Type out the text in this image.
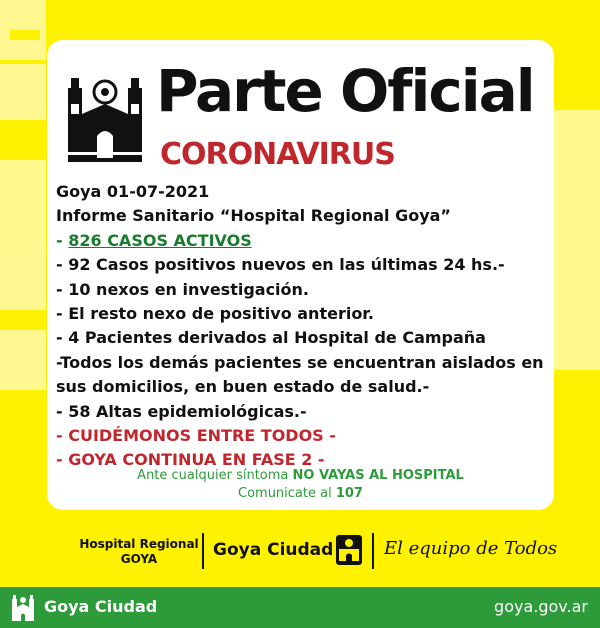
Parte Oficial
CORONAVIRUS
Goya 01-07-2021
Informe Sanitario “Hospital Regional Goya”
- 826 CASOS ACTIVOS
- 92 Casos positivos nuevos en las últimas 24 hs.-
- 10 nexos en investigación.
- El resto nexo de positivo anterior.
- 4 Pacientes derivados al Hospital de Campaña
-Todos los demás pacientes se encuentran aislados en sus domicilios, en buen estado de salud.-
- 58 Altas epidemiológicas.-
- CUIDÉMONOS ENTRE TODOS -
- GOYA CONTINUA EN FASE 2 -
Ante cualquier síntoma NO VAYAS AL HOSPITAL
Comunicate al 107
Hospital Regional
GOYA	Goya Ciudad	El equipo de Todos
Goya Ciudad	goya.gov.ar
